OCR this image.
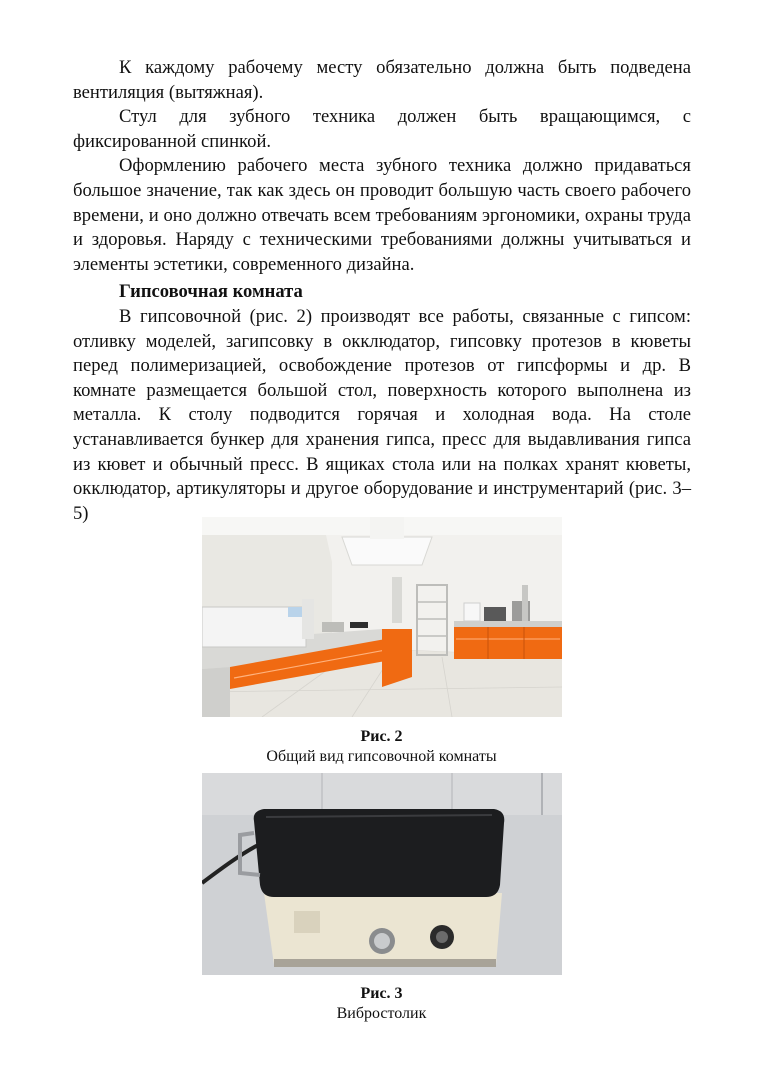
К каждому рабочему месту обязательно должна быть подведена вентиляция (вытяжная).

Стул для зубного техника должен быть вращающимся, с фиксированной спинкой.

Оформлению рабочего места зубного техника должно придаваться большое значение, так как здесь он проводит большую часть своего рабочего времени, и оно должно отвечать всем требованиям эргономики, охраны труда и здоровья. Наряду с техническими требованиями должны учитываться и элементы эстетики, современного дизайна.

Гипсовочная комната

В гипсовочной (рис. 2) производят все работы, связанные с гипсом: отливку моделей, загипсовку в окклюдатор, гипсовку протезов в кюветы перед полимеризацией, освобождение протезов от гипсформы и др. В комнате размещается большой стол, поверхность которого выполнена из металла. К столу подводится горячая и холодная вода. На столе устанавливается бункер для хранения гипса, пресс для выдавливания гипса из кювет и обычный пресс. В ящиках стола или на полках хранят кюветы, окклюдатор, артикуляторы и другое оборудование и инструментарий (рис. 3–5)

Рис. 2
Общий вид гипсовочной комнаты
Рис. 3
Вибростолик
